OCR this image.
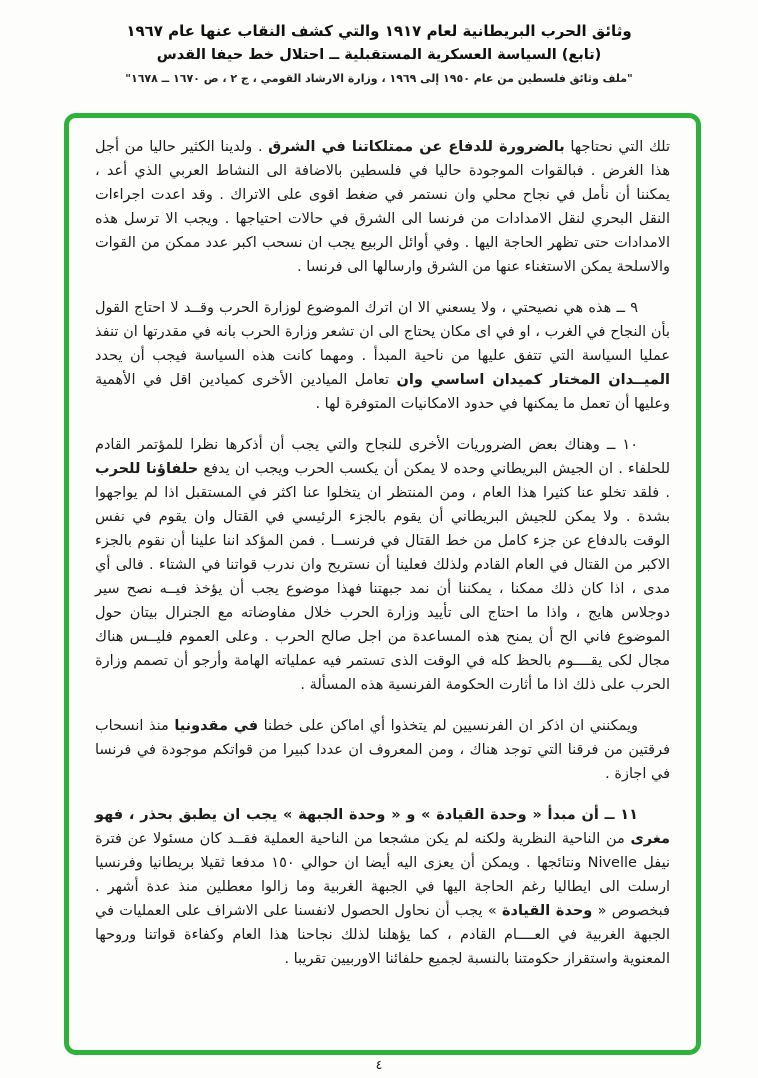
وثائق الحرب البريطانية لعام ١٩١٧ والتي كشف النقاب عنها عام ١٩٦٧
(تابع) السياسة العسكرية المستقبلية ــ احتلال خط حيفا القدس
"ملف وثائق فلسطين من عام ١٩٥٠ إلى ١٩٦٩ ، وزارة الارشاد القومي ، ج ٢ ، ص ١٦٧٠ ــ ١٦٧٨"
تلك التي نحتاجها بالضرورة للدفاع عن ممتلكاتنا في الشرق . ولدينا الكثير حاليا من أجل هذا الغرض . فبالقوات الموجودة حاليا في فلسطين بالاضافة الى النشاط العربي الذي أعد ، يمكننا أن نأمل في نجاح محلي وان نستمر في ضغط اقوى على الاتراك . وقد اعدت اجراءات النقل البحري لنقل الامدادات من فرنسا الى الشرق في حالات احتياجها . ويجب الا ترسل هذه الامدادات حتى تظهر الحاجة اليها . وفي أوائل الربيع يجب ان نسحب اكبر عدد ممكن من القوات والاسلحة يمكن الاستغناء عنها من الشرق وارسالها الى فرنسا .
٩ ــ هذه هي نصيحتي ، ولا يسعني الا ان اترك الموضوع لوزارة الحرب وقــد لا احتاج القول بأن النجاح في الغرب ، او في اى مكان يحتاج الى ان تشعر وزارة الحرب بانه في مقدرتها ان تنفذ عمليا السياسة التي تتفق عليها من ناحية المبدأ . ومهما كانت هذه السياسة فيجب أن يحدد الميــدان المختار كميدان اساسي وان تعامل الميادين الأخرى كميادين اقل في الأهمية وعليها أن تعمل ما يمكنها في حدود الامكانيات المتوفرة لها .
١٠ ــ وهناك بعض الضروريات الأخرى للنجاح والتي يجب أن أذكرها نظرا للمؤتمر القادم للحلفاء . ان الجيش البريطاني وحده لا يمكن أن يكسب الحرب ويجب ان يدفع حلفاؤنا للحرب . فلقد تخلو عنا كثيرا هذا العام ، ومن المنتظر ان يتخلوا عنا اكثر في المستقبل اذا لم يواجهوا بشدة . ولا يمكن للجيش البريطاني أن يقوم بالجزء الرئيسي في القتال وان يقوم في نفس الوقت بالدفاع عن جزء كامل من خط القتال في فرنســا . فمن المؤكد اننا علينا أن نقوم بالجزء الاكبر من القتال في العام القادم ولذلك فعلينا أن نستريح وان ندرب قواتنا في الشتاء . فالى أي مدى ، اذا كان ذلك ممكنا ، يمكننا أن نمد جبهتنا فهذا موضوع يجب أن يؤخذ فيــه نصح سير دوجلاس هايج ، واذا ما احتاج الى تأييد وزارة الحرب خلال مفاوضاته مع الجنرال بيتان حول الموضوع فاني الح أن يمنح هذه المساعدة من اجل صالح الحرب . وعلى العموم فليــس هناك مجال لكى يقــــوم بالحظ كله في الوقت الذى تستمر فيه عملياته الهامة وأرجو أن تصمم وزارة الحرب على ذلك اذا ما أثارت الحكومة الفرنسية هذه المسألة .
ويمكنني ان اذكر ان الفرنسيين لم يتخذوا أي اماكن على خطنا في مقدونيا منذ انسحاب فرقتين من فرقنا التي توجد هناك ، ومن المعروف ان عددا كبيرا من قواتكم موجودة في فرنسا في اجازة .
١١ ــ أن مبدأ « وحدة القيادة » و « وحدة الجبهة » يجب ان يطبق بحذر ، فهو مغرى من الناحية النظرية ولكنه لم يكن مشجعا من الناحية العملية فقــد كان مسئولا عن فترة نيفل Nivelle ونتائجها . ويمكن أن يعزى اليه أيضا ان حوالي ١٥٠ مدفعا ثقيلا بريطانيا وفرنسيا ارسلت الى ايطاليا رغم الحاجة اليها في الجبهة الغربية وما زالوا معطلين منذ عدة أشهر . فبخصوص « وحدة القيادة » يجب أن نحاول الحصول لانفسنا على الاشراف على العمليات في الجبهة الغربية في العــــام القادم ، كما يؤهلنا لذلك نجاحنا هذا العام وكفاءة قواتنا وروحها المعنوية واستقرار حكومتنا بالنسبة لجميع حلفائنا الاوربيين تقريبا .
٤
